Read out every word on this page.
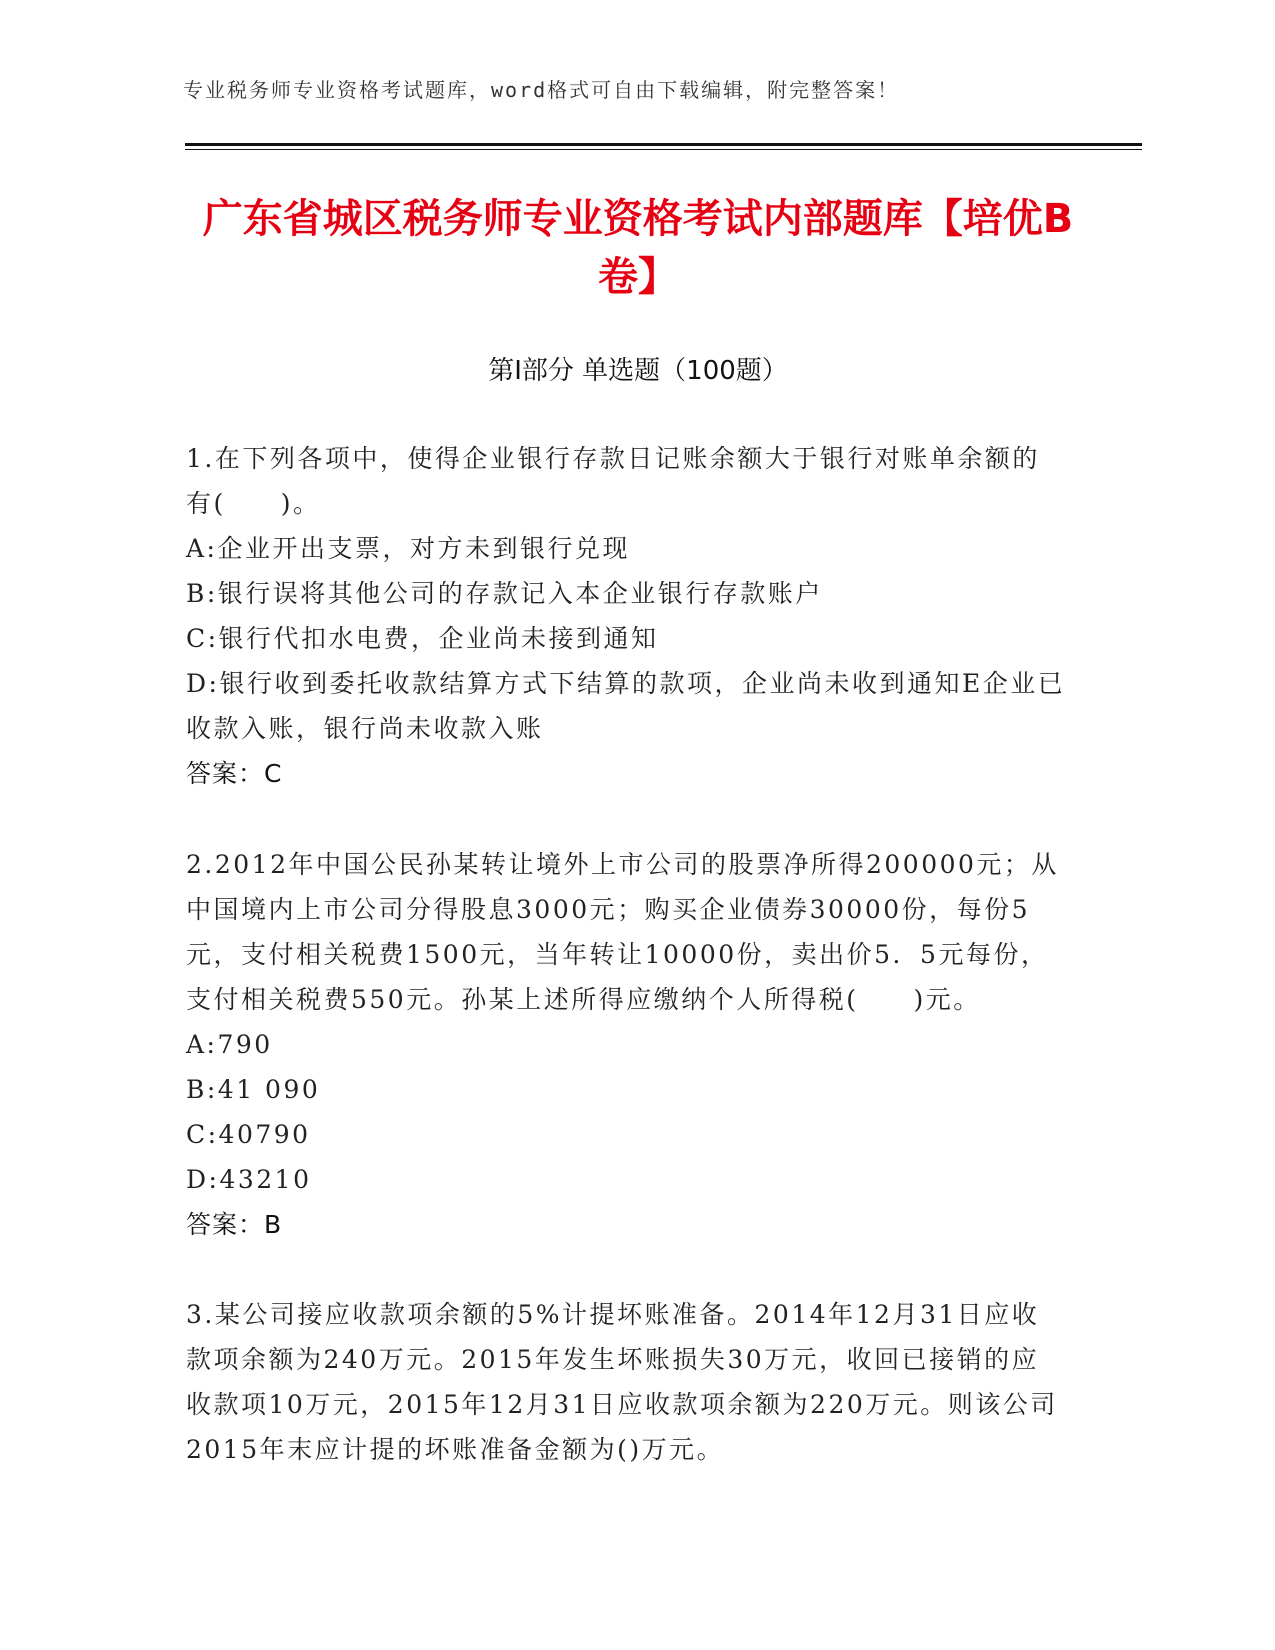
专业税务师专业资格考试题库，word格式可自由下载编辑，附完整答案！
广东省城区税务师专业资格考试内部题库【培优B卷】
第Ⅰ部分 单选题（100题）

1.在下列各项中，使得企业银行存款日记账余额大于银行对账单余额的有(　　)。

A:企业开出支票，对方未到银行兑现

B:银行误将其他公司的存款记入本企业银行存款账户

C:银行代扣水电费，企业尚未接到通知

D:银行收到委托收款结算方式下结算的款项，企业尚未收到通知E企业已收款入账，银行尚未收款入账

答案：C

2.2012年中国公民孙某转让境外上市公司的股票净所得200000元；从中国境内上市公司分得股息3000元；购买企业债券30000份，每份5元，支付相关税费1500元，当年转让10000份，卖出价5．5元每份，支付相关税费550元。孙某上述所得应缴纳个人所得税(　　)元。

A:790

B:41 090

C:40790

D:43210

答案：B

3.某公司接应收款项余额的5%计提坏账准备。2014年12月31日应收款项余额为240万元。2015年发生坏账损失30万元，收回已接销的应收款项10万元，2015年12月31日应收款项余额为220万元。则该公司2015年末应计提的坏账准备金额为()万元。
